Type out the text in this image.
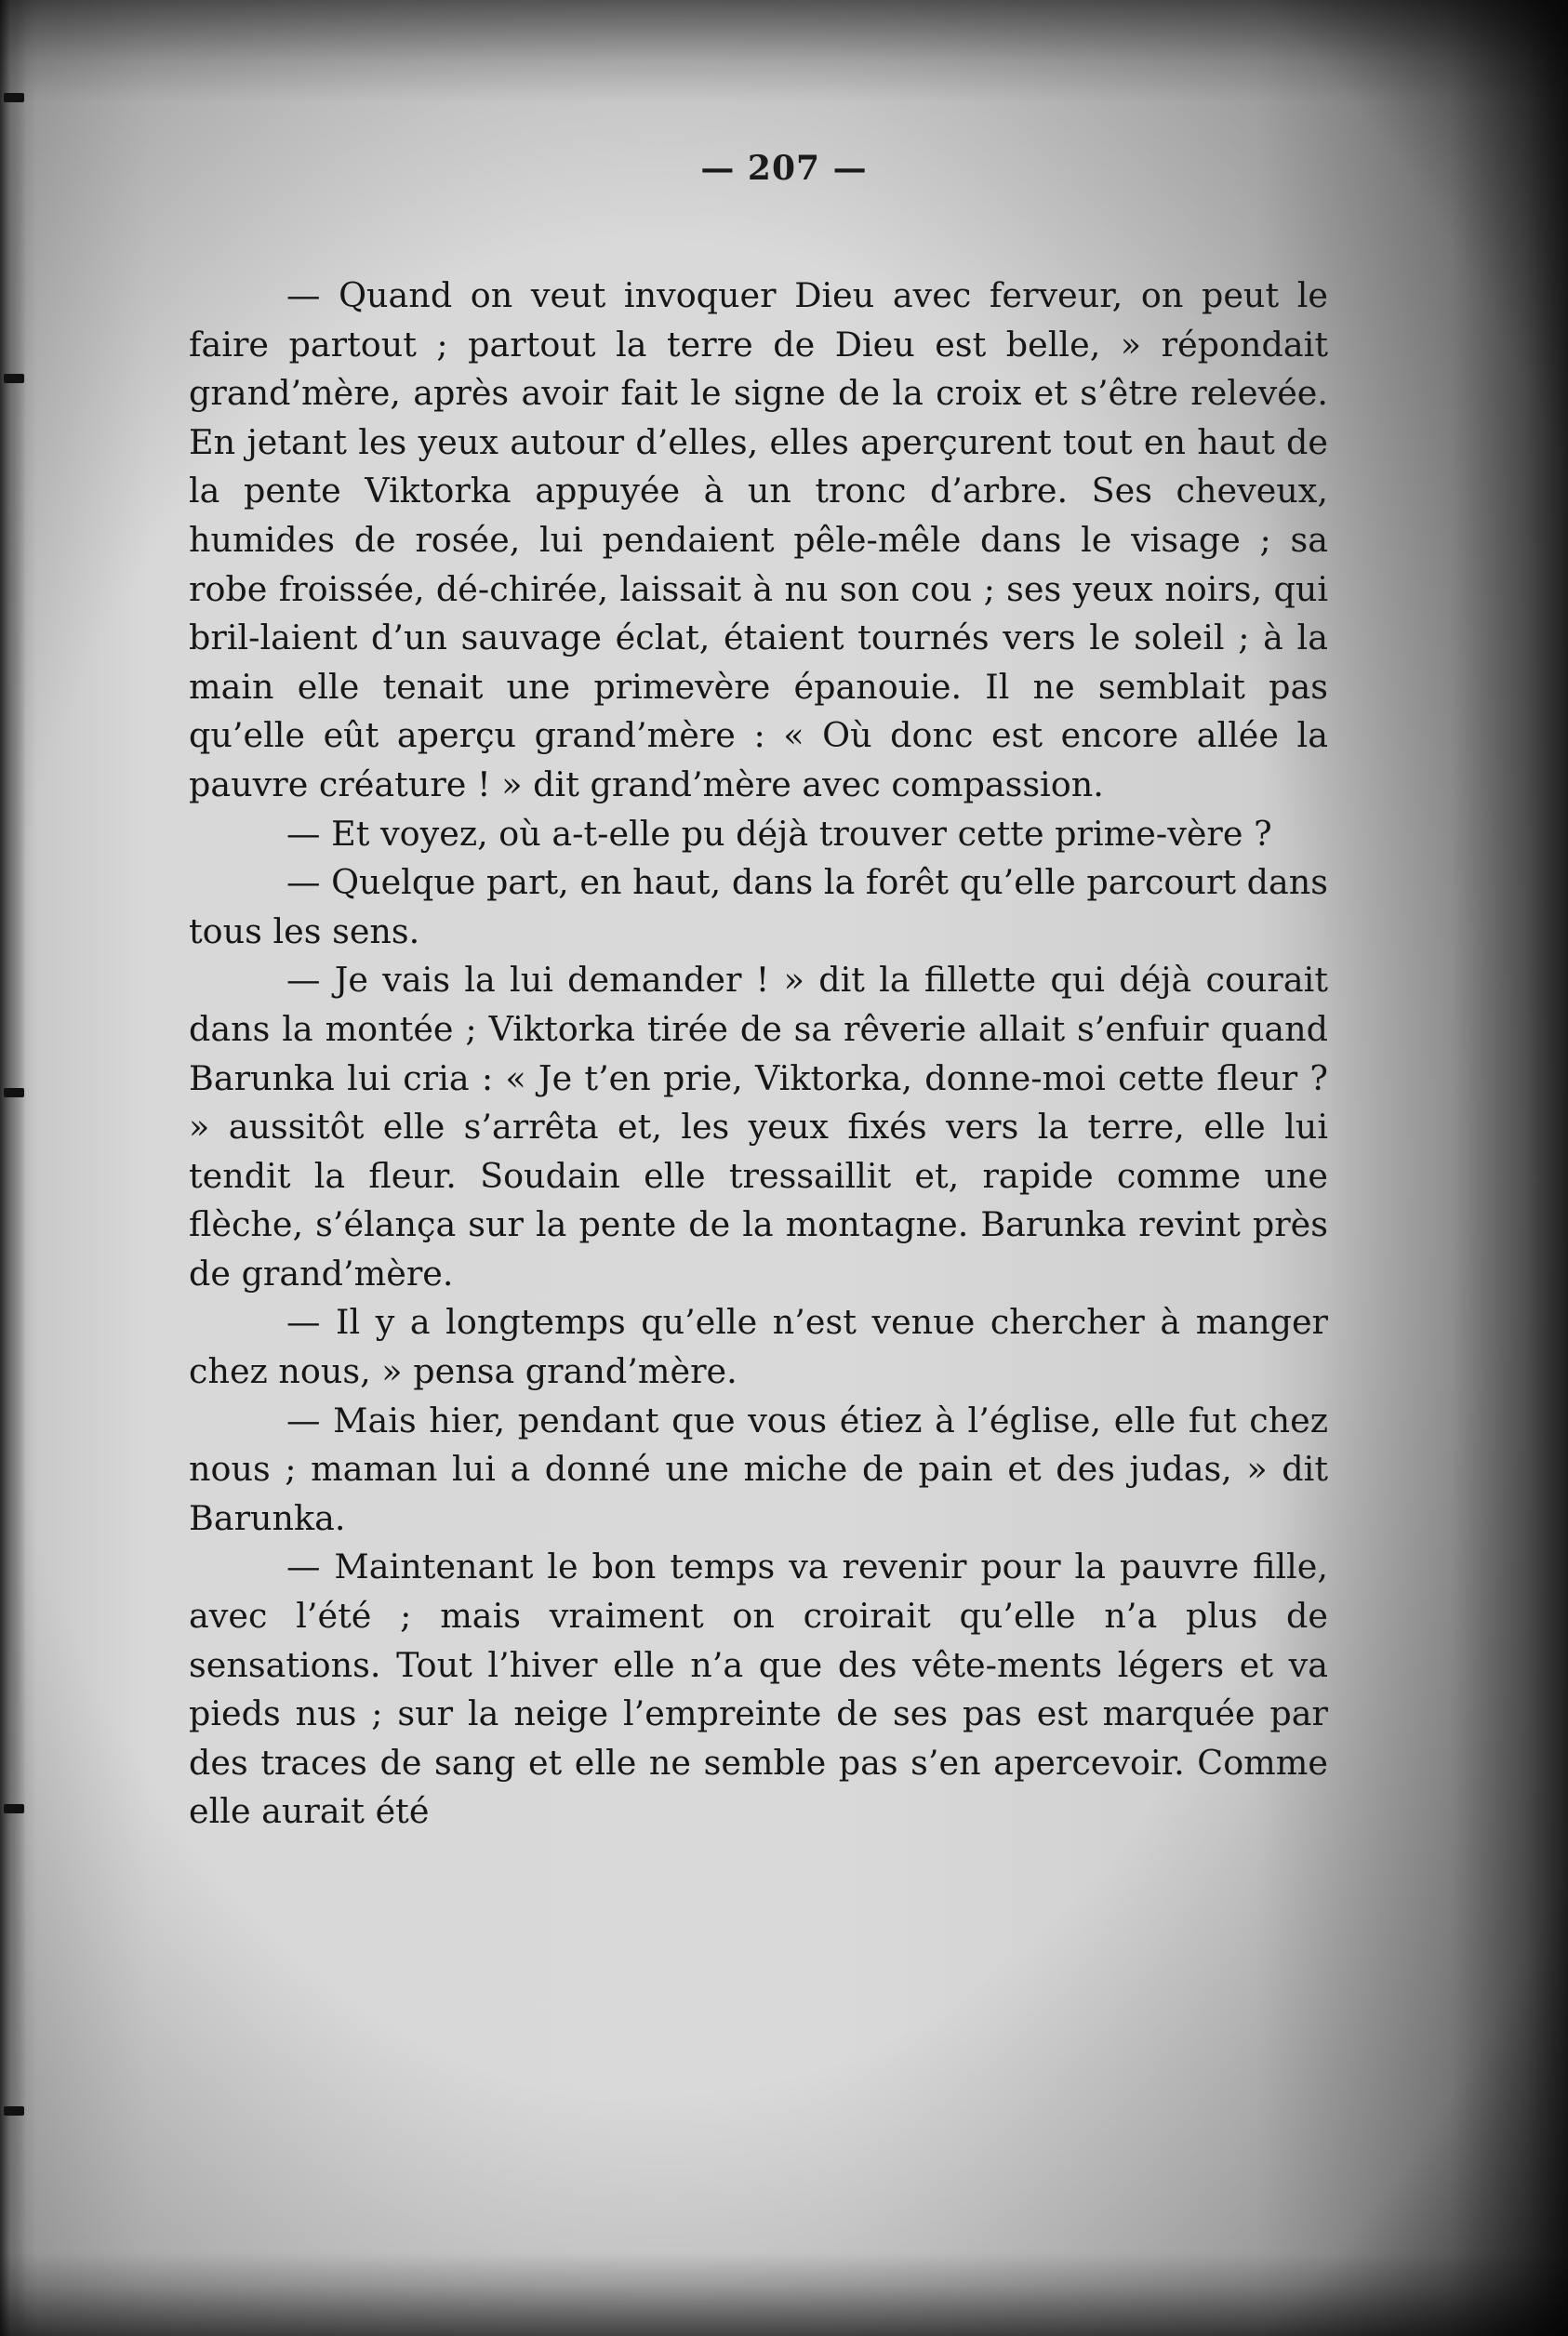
— 207 —

— Quand on veut invoquer Dieu avec ferveur, on peut le faire partout ; partout la terre de Dieu est belle, » répondait grand’mère, après avoir fait le signe de la croix et s’être relevée. En jetant les yeux autour d’elles, elles aperçurent tout en haut de la pente Viktorka appuyée à un tronc d’arbre. Ses cheveux, humides de rosée, lui pendaient pêle-mêle dans le visage ; sa robe froissée, dé-chirée, laissait à nu son cou ; ses yeux noirs, qui bril-laient d’un sauvage éclat, étaient tournés vers le soleil ; à la main elle tenait une primevère épanouie. Il ne semblait pas qu’elle eût aperçu grand’mère : « Où donc est encore allée la pauvre créature ! » dit grand’mère avec compassion.

— Et voyez, où a-t-elle pu déjà trouver cette prime-vère ?

— Quelque part, en haut, dans la forêt qu’elle parcourt dans tous les sens.

— Je vais la lui demander ! » dit la fillette qui déjà courait dans la montée ; Viktorka tirée de sa rêverie allait s’enfuir quand Barunka lui cria : « Je t’en prie, Viktorka, donne-moi cette fleur ? » aussitôt elle s’arrêta et, les yeux fixés vers la terre, elle lui tendit la fleur. Soudain elle tressaillit et, rapide comme une flèche, s’élança sur la pente de la montagne. Barunka revint près de grand’mère.

— Il y a longtemps qu’elle n’est venue chercher à manger chez nous, » pensa grand’mère.

— Mais hier, pendant que vous étiez à l’église, elle fut chez nous ; maman lui a donné une miche de pain et des judas, » dit Barunka.

— Maintenant le bon temps va revenir pour la pauvre fille, avec l’été ; mais vraiment on croirait qu’elle n’a plus de sensations. Tout l’hiver elle n’a que des vête-ments légers et va pieds nus ; sur la neige l’empreinte de ses pas est marquée par des traces de sang et elle ne semble pas s’en apercevoir. Comme elle aurait été
